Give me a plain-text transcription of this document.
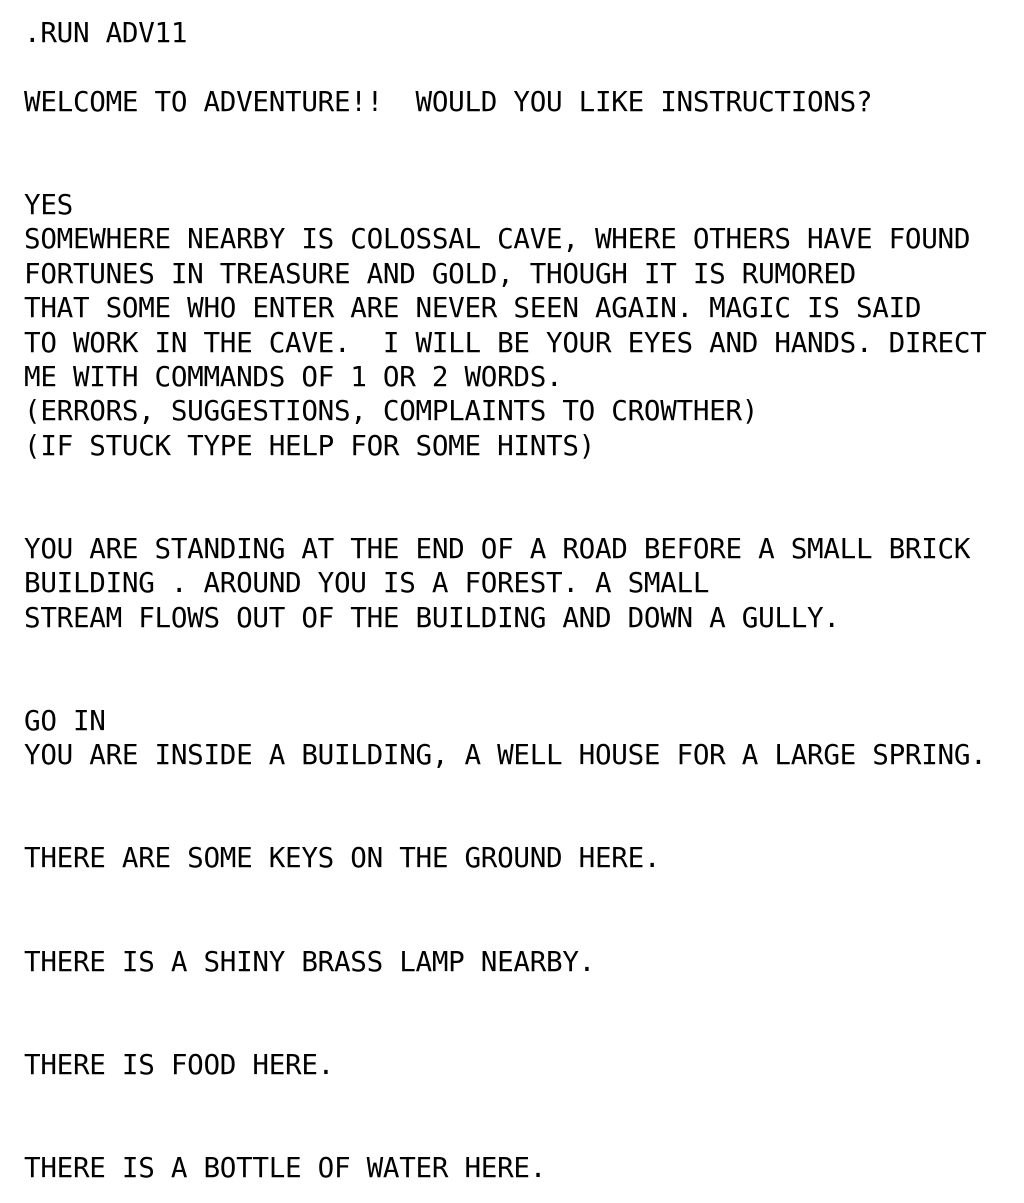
.RUN ADV11
WELCOME TO ADVENTURE!!  WOULD YOU LIKE INSTRUCTIONS?
YES
SOMEWHERE NEARBY IS COLOSSAL CAVE, WHERE OTHERS HAVE FOUND
FORTUNES IN TREASURE AND GOLD, THOUGH IT IS RUMORED
THAT SOME WHO ENTER ARE NEVER SEEN AGAIN. MAGIC IS SAID
TO WORK IN THE CAVE.  I WILL BE YOUR EYES AND HANDS. DIRECT
ME WITH COMMANDS OF 1 OR 2 WORDS.
(ERRORS, SUGGESTIONS, COMPLAINTS TO CROWTHER)
(IF STUCK TYPE HELP FOR SOME HINTS)
YOU ARE STANDING AT THE END OF A ROAD BEFORE A SMALL BRICK
BUILDING . AROUND YOU IS A FOREST. A SMALL
STREAM FLOWS OUT OF THE BUILDING AND DOWN A GULLY.
GO IN
YOU ARE INSIDE A BUILDING, A WELL HOUSE FOR A LARGE SPRING.
THERE ARE SOME KEYS ON THE GROUND HERE.
THERE IS A SHINY BRASS LAMP NEARBY.
THERE IS FOOD HERE.
THERE IS A BOTTLE OF WATER HERE.
